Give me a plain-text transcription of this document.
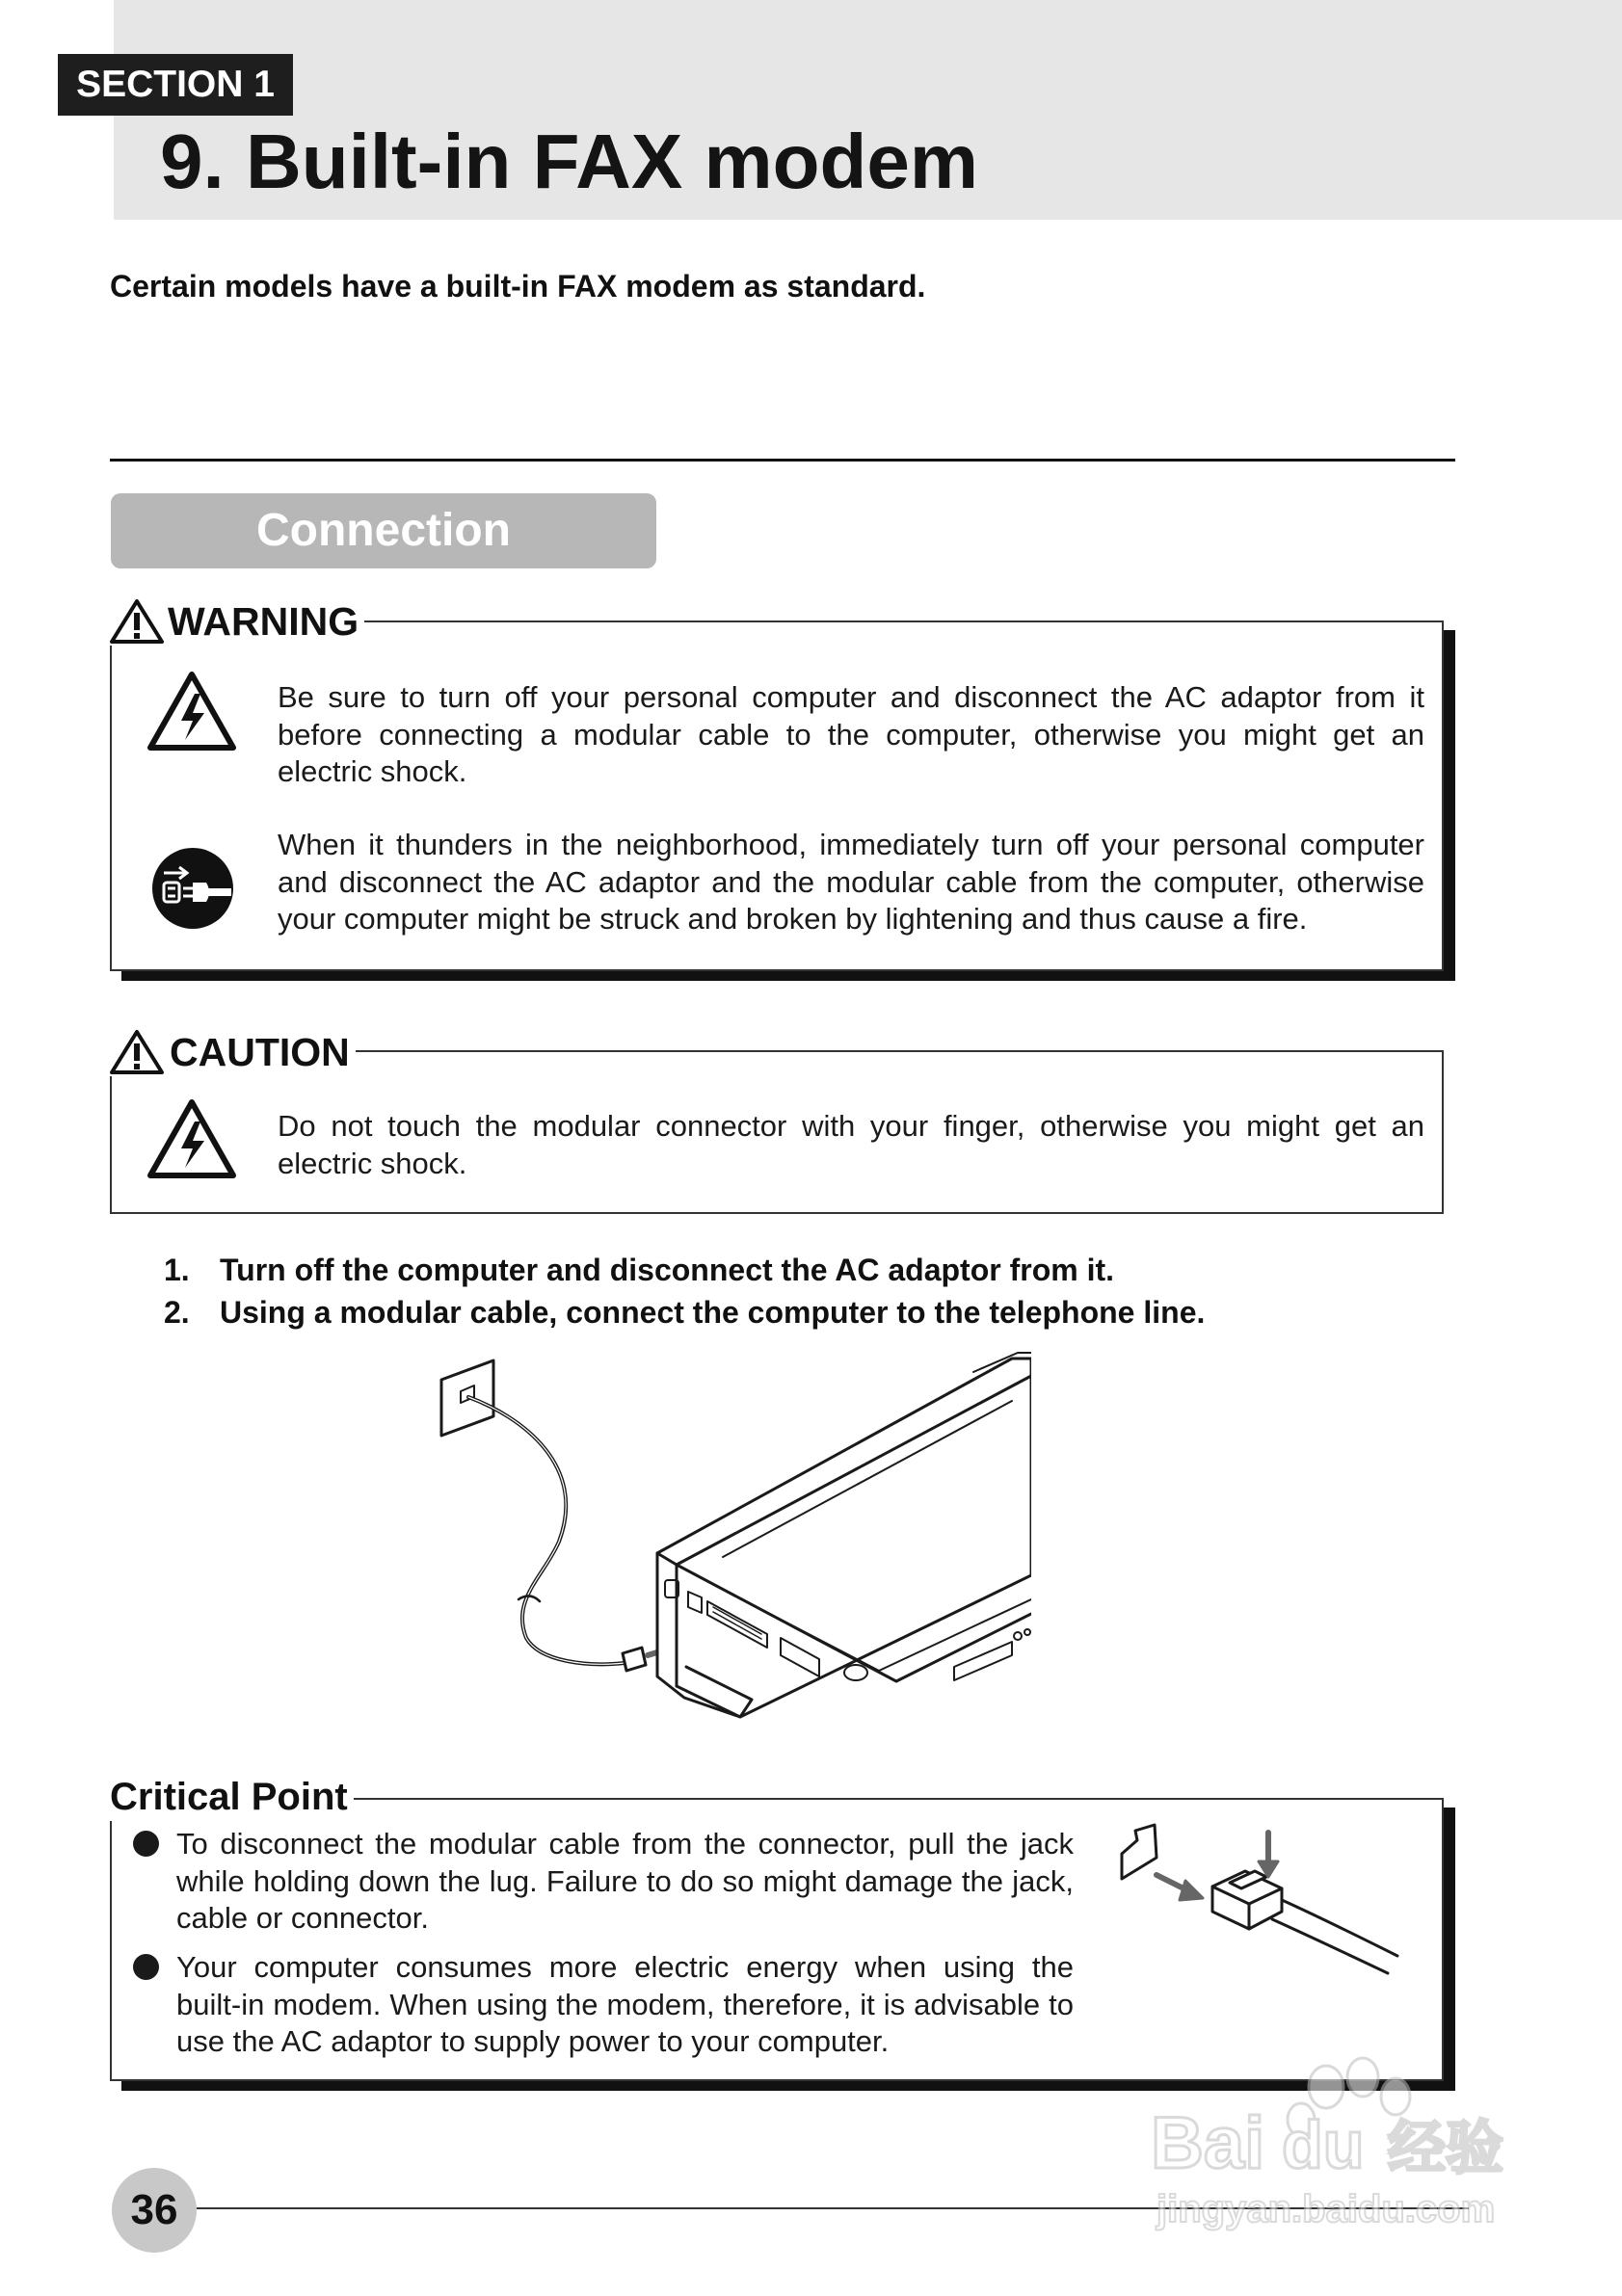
SECTION 1
9. Built-in FAX modem
Certain models have a built-in FAX modem as standard.
Connection
WARNING
Be sure to turn off your personal computer and disconnect the AC adaptor from it before connecting a modular cable to the computer, otherwise you might get an electric shock.
When it thunders in the neighborhood, immediately turn off your personal computer and disconnect the AC adaptor and the modular cable from the computer, otherwise your computer might be struck and broken by lightening and thus cause a fire.
CAUTION
Do not touch the modular connector with your finger, otherwise you might get an electric shock.
1. Turn off the computer and disconnect the AC adaptor from it.
2. Using a modular cable, connect the computer to the telephone line.
Critical Point
To disconnect the modular cable from the connector, pull the jack while holding down the lug. Failure to do so might damage the jack, cable or connector.
Your computer consumes more electric energy when using the built-in modem. When using the modem, therefore, it is advisable to use the AC adaptor to supply power to your computer.
36
Bai du 经验
jingyan.baidu.com
